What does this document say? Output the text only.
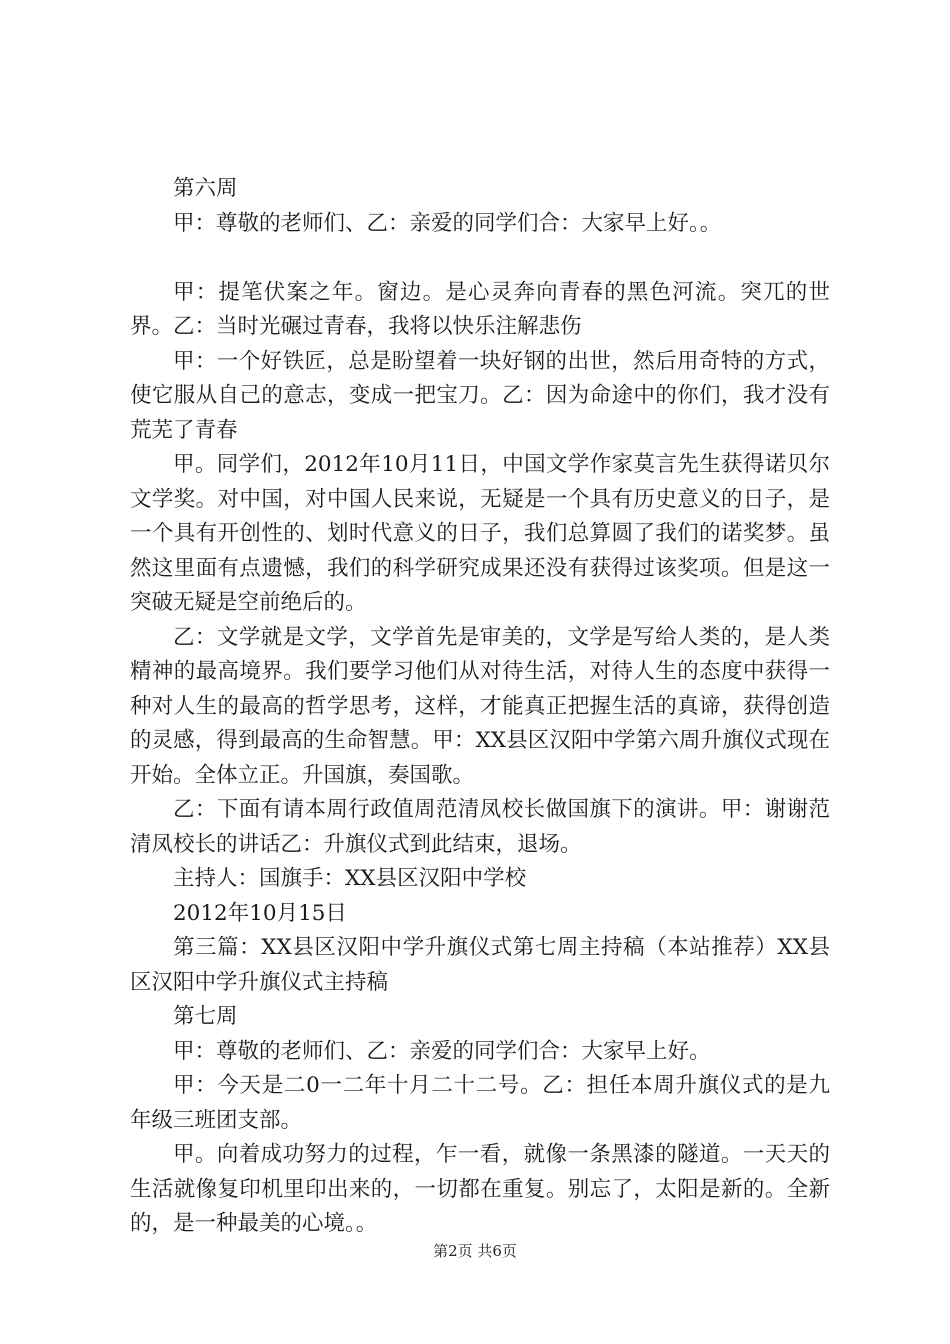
第六周

甲：尊敬的老师们、乙：亲爱的同学们合：大家早上好。。

甲：提笔伏案之年。窗边。是心灵奔向青春的黑色河流。突兀的世界。乙：当时光碾过青春，我将以快乐注解悲伤

甲：一个好铁匠，总是盼望着一块好钢的出世，然后用奇特的方式，使它服从自己的意志，变成一把宝刀。乙：因为命途中的你们，我才没有荒芜了青春

甲。同学们，2012年10月11日，中国文学作家莫言先生获得诺贝尔文学奖。对中国，对中国人民来说，无疑是一个具有历史意义的日子，是一个具有开创性的、划时代意义的日子，我们总算圆了我们的诺奖梦。虽然这里面有点遗憾，我们的科学研究成果还没有获得过该奖项。但是这一突破无疑是空前绝后的。

乙：文学就是文学，文学首先是审美的，文学是写给人类的，是人类精神的最高境界。我们要学习他们从对待生活，对待人生的态度中获得一种对人生的最高的哲学思考，这样，才能真正把握生活的真谛，获得创造的灵感，得到最高的生命智慧。甲：XX县区汉阳中学第六周升旗仪式现在开始。全体立正。升国旗，奏国歌。

乙：下面有请本周行政值周范清凤校长做国旗下的演讲。甲：谢谢范清凤校长的讲话乙：升旗仪式到此结束，退场。

主持人：国旗手：XX县区汉阳中学校

2012年10月15日

第三篇：XX县区汉阳中学升旗仪式第七周主持稿（本站推荐）XX县区汉阳中学升旗仪式主持稿

第七周

甲：尊敬的老师们、乙：亲爱的同学们合：大家早上好。

甲：今天是二0一二年十月二十二号。乙：担任本周升旗仪式的是九年级三班团支部。

甲。向着成功努力的过程，乍一看，就像一条黑漆的隧道。一天天的生活就像复印机里印出来的，一切都在重复。别忘了，太阳是新的。全新的，是一种最美的心境。。

第2页 共6页
